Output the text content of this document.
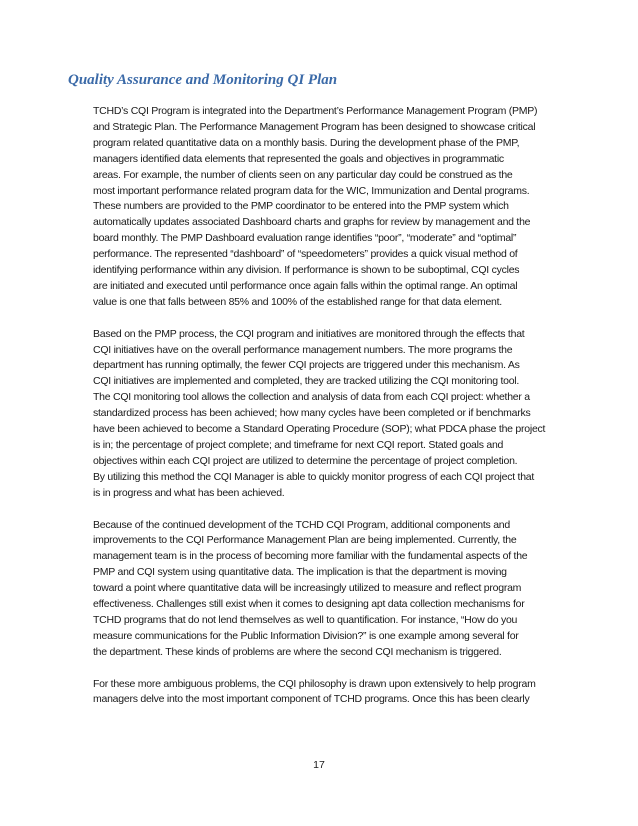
Quality Assurance and Monitoring QI Plan

TCHD’s CQI Program is integrated into the Department’s Performance Management Program (PMP)
and Strategic Plan. The Performance Management Program has been designed to showcase critical
program related quantitative data on a monthly basis. During the development phase of the PMP,
managers identified data elements that represented the goals and objectives in programmatic
areas. For example, the number of clients seen on any particular day could be construed as the
most important performance related program data for the WIC, Immunization and Dental programs.
These numbers are provided to the PMP coordinator to be entered into the PMP system which
automatically updates associated Dashboard charts and graphs for review by management and the
board monthly. The PMP Dashboard evaluation range identifies “poor”, “moderate” and “optimal”
performance. The represented “dashboard” of “speedometers” provides a quick visual method of
identifying performance within any division. If performance is shown to be suboptimal, CQI cycles
are initiated and executed until performance once again falls within the optimal range. An optimal
value is one that falls between 85% and 100% of the established range for that data element.

Based on the PMP process, the CQI program and initiatives are monitored through the effects that
CQI initiatives have on the overall performance management numbers. The more programs the
department has running optimally, the fewer CQI projects are triggered under this mechanism. As
CQI initiatives are implemented and completed, they are tracked utilizing the CQI monitoring tool.
The CQI monitoring tool allows the collection and analysis of data from each CQI project: whether a
standardized process has been achieved; how many cycles have been completed or if benchmarks
have been achieved to become a Standard Operating Procedure (SOP); what PDCA phase the project
is in; the percentage of project complete; and timeframe for next CQI report. Stated goals and
objectives within each CQI project are utilized to determine the percentage of project completion.
By utilizing this method the CQI Manager is able to quickly monitor progress of each CQI project that
is in progress and what has been achieved.

Because of the continued development of the TCHD CQI Program, additional components and
improvements to the CQI Performance Management Plan are being implemented. Currently, the
management team is in the process of becoming more familiar with the fundamental aspects of the
PMP and CQI system using quantitative data. The implication is that the department is moving
toward a point where quantitative data will be increasingly utilized to measure and reflect program
effectiveness. Challenges still exist when it comes to designing apt data collection mechanisms for
TCHD programs that do not lend themselves as well to quantification. For instance, “How do you
measure communications for the Public Information Division?” is one example among several for
the department. These kinds of problems are where the second CQI mechanism is triggered.

For these more ambiguous problems, the CQI philosophy is drawn upon extensively to help program
managers delve into the most important component of TCHD programs. Once this has been clearly

17
